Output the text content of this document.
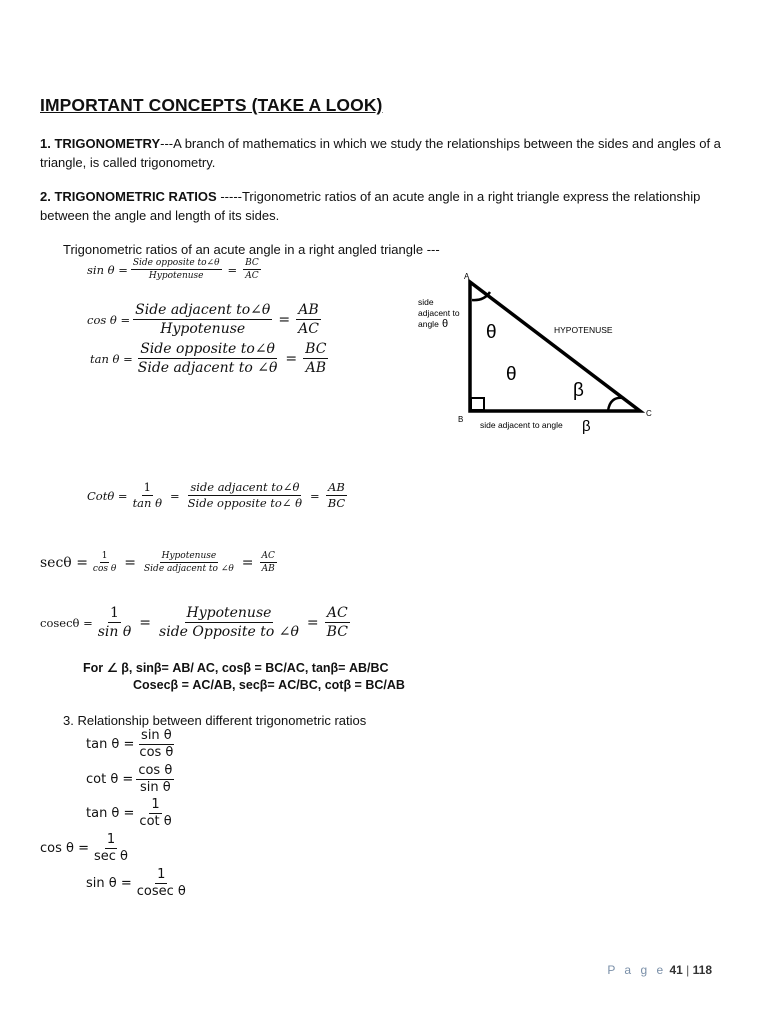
IMPORTANT CONCEPTS (TAKE A LOOK)
1. TRIGONOMETRY---A branch of mathematics in which we study the relationships between the sides and angles of a triangle, is called trigonometry.
2. TRIGONOMETRIC RATIOS -----Trigonometric ratios of an acute angle in a right triangle express the relationship between the angle and length of its sides.
Trigonometric ratios of an acute angle in a right angled triangle ---
$\sin \theta = \frac{\text{Side opposite to∠θ}}{\text{Hypotenuse}} = \frac{BC}{AC}$
$\cos \theta = \frac{\text{Side adjacent to∠θ}}{\text{Hypotenuse}} = \frac{AB}{AC}$
$\tan \theta = \frac{\text{Side opposite to∠θ}}{\text{Side adjacent to ∠θ}} = \frac{BC}{AB}$
A
B
C
side
adjacent to
angle θ θ	HYPOTENUSE
θ
β
side adjacent to angle β
$Cot\theta = \frac{1}{\text{tan θ}} = \frac{\text{side adjacent to∠θ}}{\text{Side opposite to∠ θ}} = \frac{AB}{BC}$
$\sec\theta = \frac{1}{\text{cos θ}} = \frac{\text{Hypotenuse}}{\text{Side adjacent to ∠θ}} = \frac{AC}{AB}$
$cosec\theta = \frac{1}{\text{sin θ}} = \frac{\text{Hypotenuse}}{\text{side Opposite to ∠θ}} = \frac{AC}{BC}$
For ∠ β, sinβ= AB/ AC, cosβ = BC/AC, tanβ= AB/BC
Cosecβ = AC/AB, secβ= AC/BC, cotβ = BC/AB
3. Relationship between different trigonometric ratios
$\tan \theta = \frac{\text{sin θ}}{\text{cos θ}}$
$\cot \theta = \frac{\text{cos θ}}{\text{sin θ}}$
$\tan \theta = \frac{1}{\text{cot θ}}$
$\cos \theta = \frac{1}{\text{sec θ}}$
$\sin \theta = \frac{1}{\text{cosec θ}}$
P a g e 41 | 118
